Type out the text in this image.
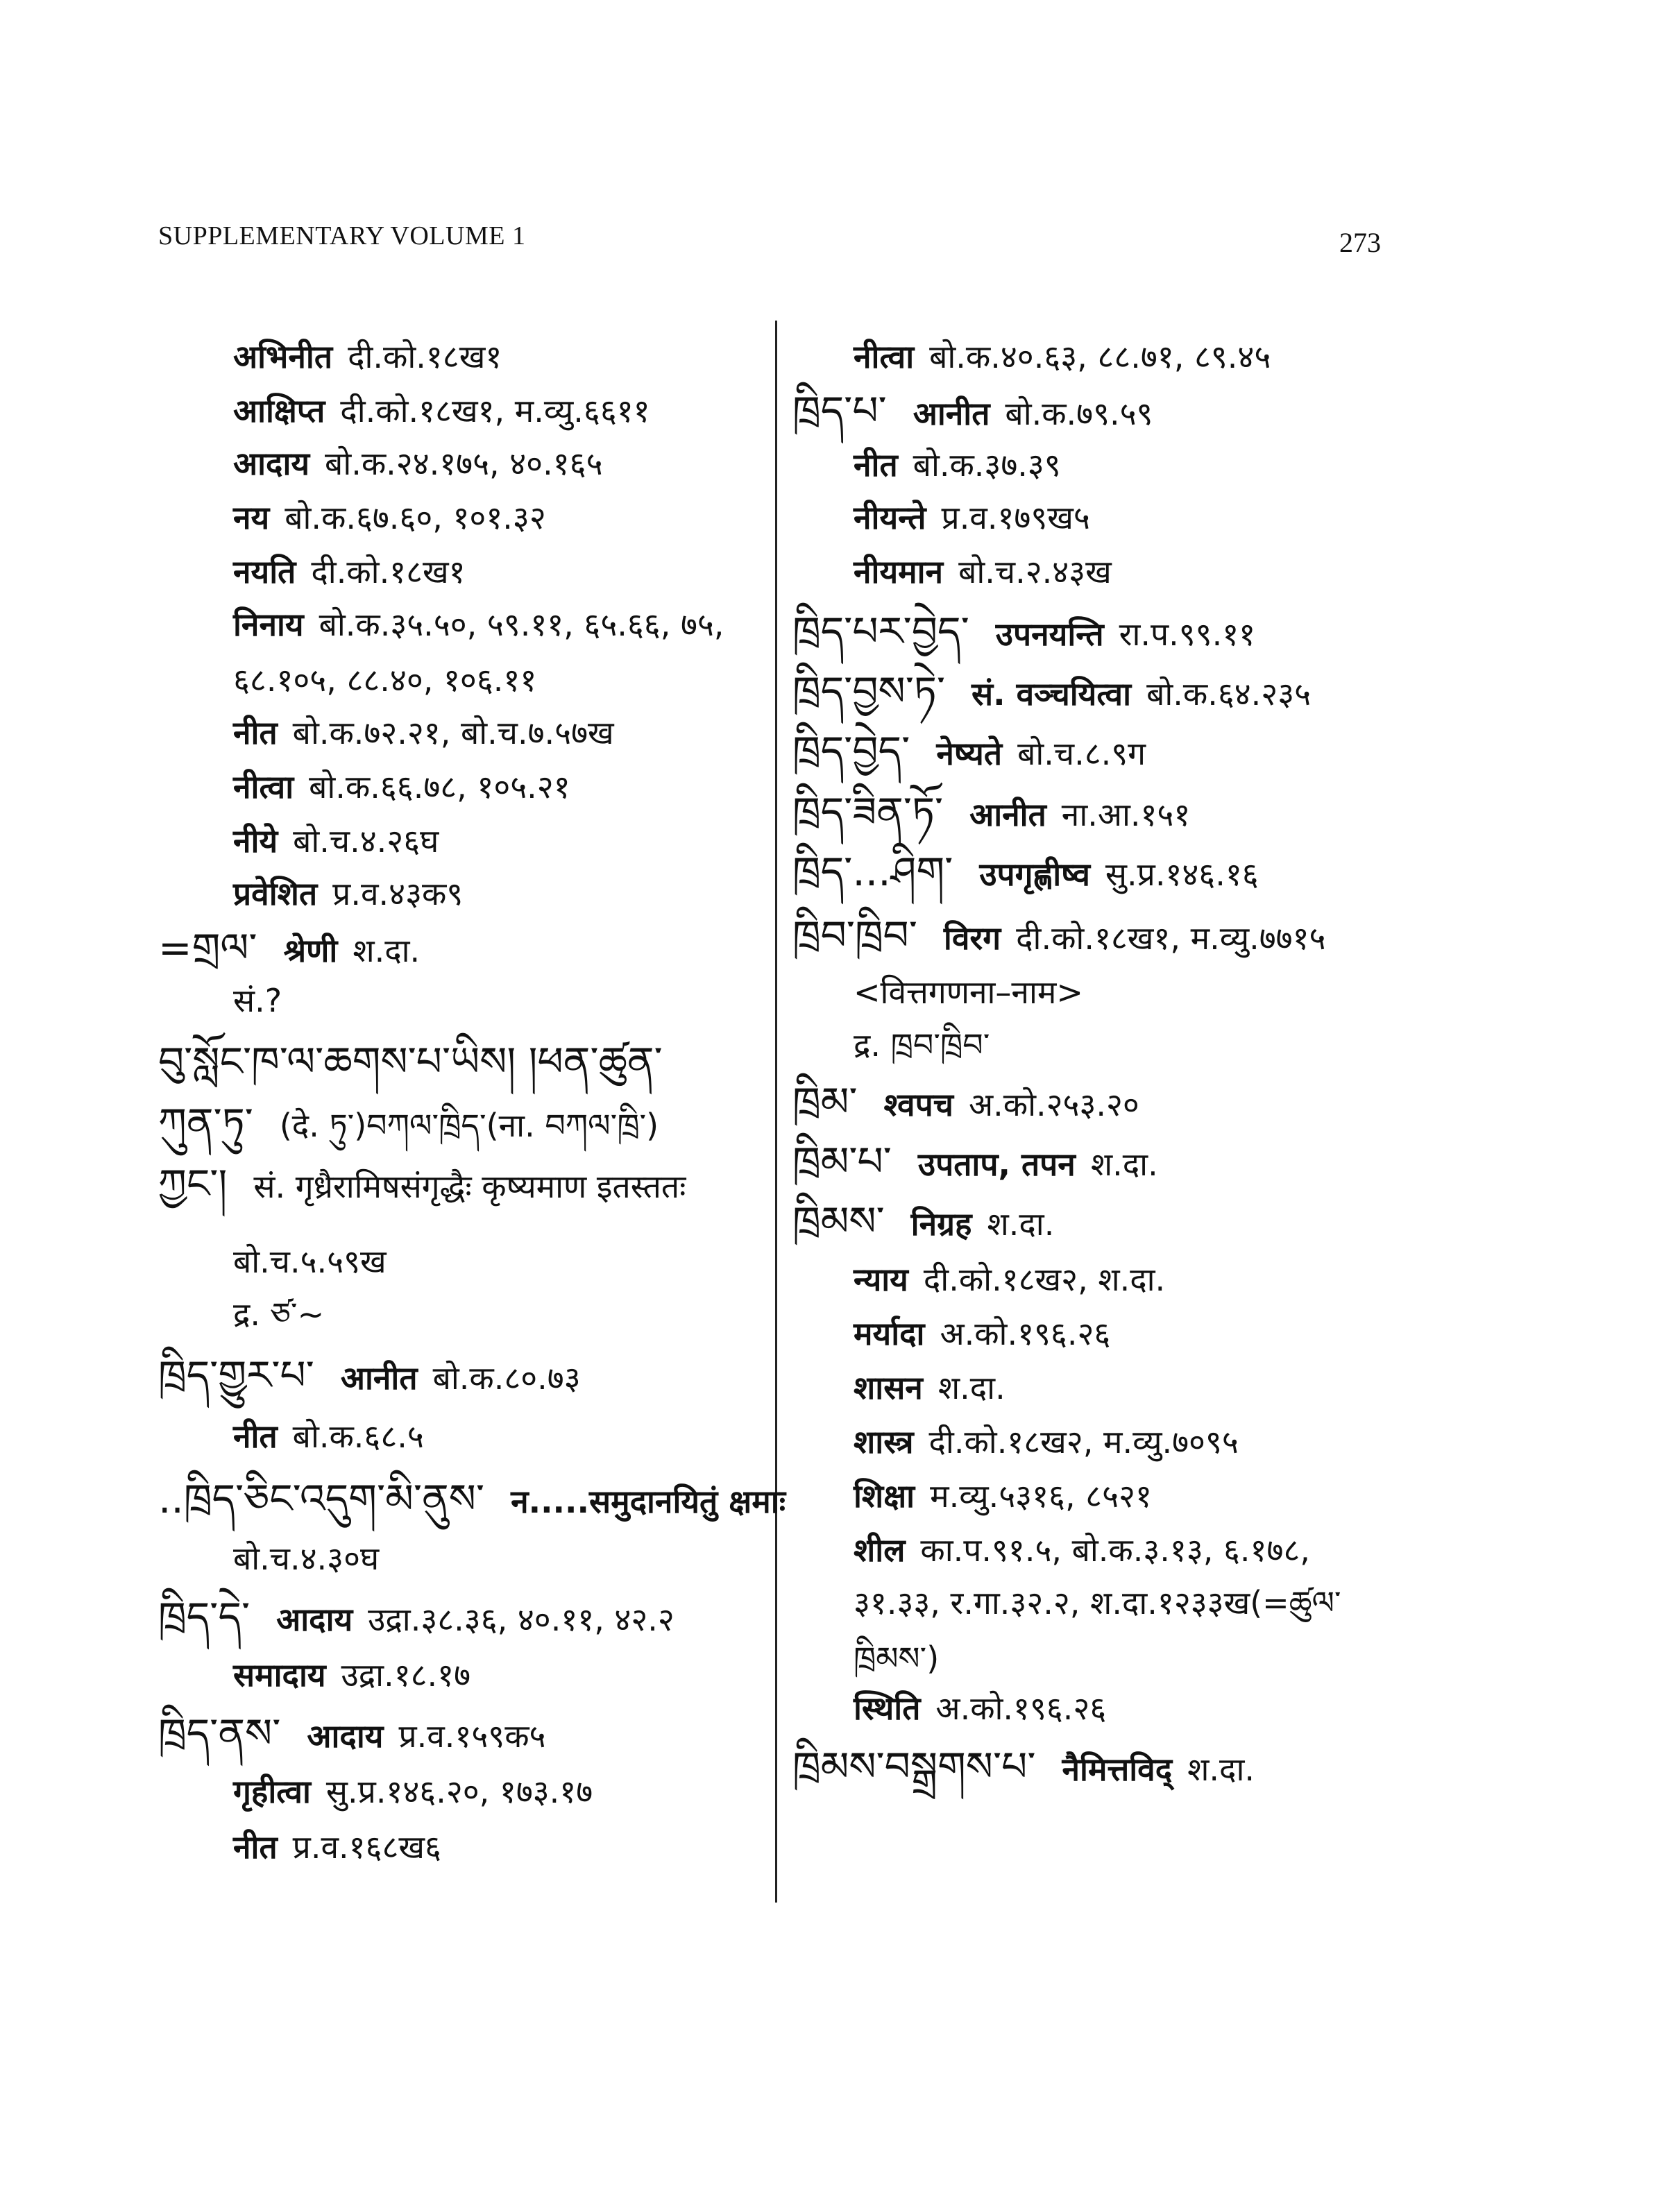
SUPPLEMENTARY VOLUME 1	273
अभिनीत दी.को.१८ख१
आक्षिप्त दी.को.१८ख१, म.व्यु.६६११
आदाय बो.क.२४.१७५, ४०.१६५
नय बो.क.६७.६०, १०१.३२
नयति दी.को.१८ख१
निनाय बो.क.३५.५०, ५९.११, ६५.६६, ७५,
६८.१०५, ८८.४०, १०६.११
नीत बो.क.७२.२१, बो.च.७.५७ख
नीत्वा बो.क.६६.७८, १०५.२१
नीये बो.च.४.२६घ
प्रवेशित प्र.व.४३क९
=གྲལ་ श्रेणी श.दा.
सं.?
བུ་སློང་ཁ་ལ་ཆགས་པ་ཡིས། །ཕན་ཚུན་
ཀུན་ཏུ་ (दे. ཏུ་)བཀལ་ཁྲིད་(ना. བཀལ་ཁྲི་)
ཀྱང་། सं. गृध्रैरामिषसंगृद्धैः कृष्यमाण इतस्ततः
बो.च.५.५९ख
द्र. ཙ་~
ཁྲིད་གྱུར་པ་ आनीत बो.क.८०.७३
नीत बो.क.६८.५
..ཁྲིད་ཅིང་འདུག་མི་ནུས་ न.....समुदानयितुं क्षमाः
बो.च.४.३०घ
ཁྲིད་དེ་ आदाय उद्रा.३८.३६, ४०.११, ४२.२
समादाय उद्रा.१८.१७
ཁྲིད་ནས་ आदाय प्र.व.१५९क५
गृहीत्वा सु.प्र.१४६.२०, १७३.१७
नीत प्र.व.१६८ख६
नीत्वा बो.क.४०.६३, ८८.७१, ८९.४५
ཁྲིད་པ་ आनीत बो.क.७९.५९
नीत बो.क.३७.३९
नीयन्ते प्र.व.१७९ख५
नीयमान बो.च.२.४३ख
ཁྲིད་པར་བྱེད་ उपनयन्ति रा.प.९९.११
ཁྲིད་བྱས་ཏེ་ सं. वञ्चयित्वा बो.क.६४.२३५
ཁྲིད་བྱེད་ नेष्यते बो.च.८.९ग
ཁྲིད་ཟིན་ཏོ་ आनीत ना.आ.१५१
ཁྲིད་...ཤིག་ उपगृह्णीष्व सु.प्र.१४६.१६
ཁྲིབ་ཁྲིབ་ विरग दी.को.१८ख१, म.व्यु.७७१५
<वित्तगणना–नाम>
द्र. ཁྲབ་ཁྲིབ་
ཁྲིམ་ श्वपच अ.को.२५३.२०
ཁྲིམ་པ་ उपताप, तपन श.दा.
ཁྲིམས་ निग्रह श.दा.
न्याय दी.को.१८ख२, श.दा.
मर्यादा अ.को.१९६.२६
शासन श.दा.
शास्त्र दी.को.१८ख२, म.व्यु.७०९५
शिक्षा म.व्यु.५३१६, ८५२१
शील का.प.९१.५, बो.क.३.१३, ६.१७८,
३१.३३, र.गा.३२.२, श.दा.१२३३ख(=ཚུལ་
ཁྲིམས་)
स्थिति अ.को.१९६.२६
ཁྲིམས་བསྒྲགས་པ་ नैमित्तविद् श.दा.
